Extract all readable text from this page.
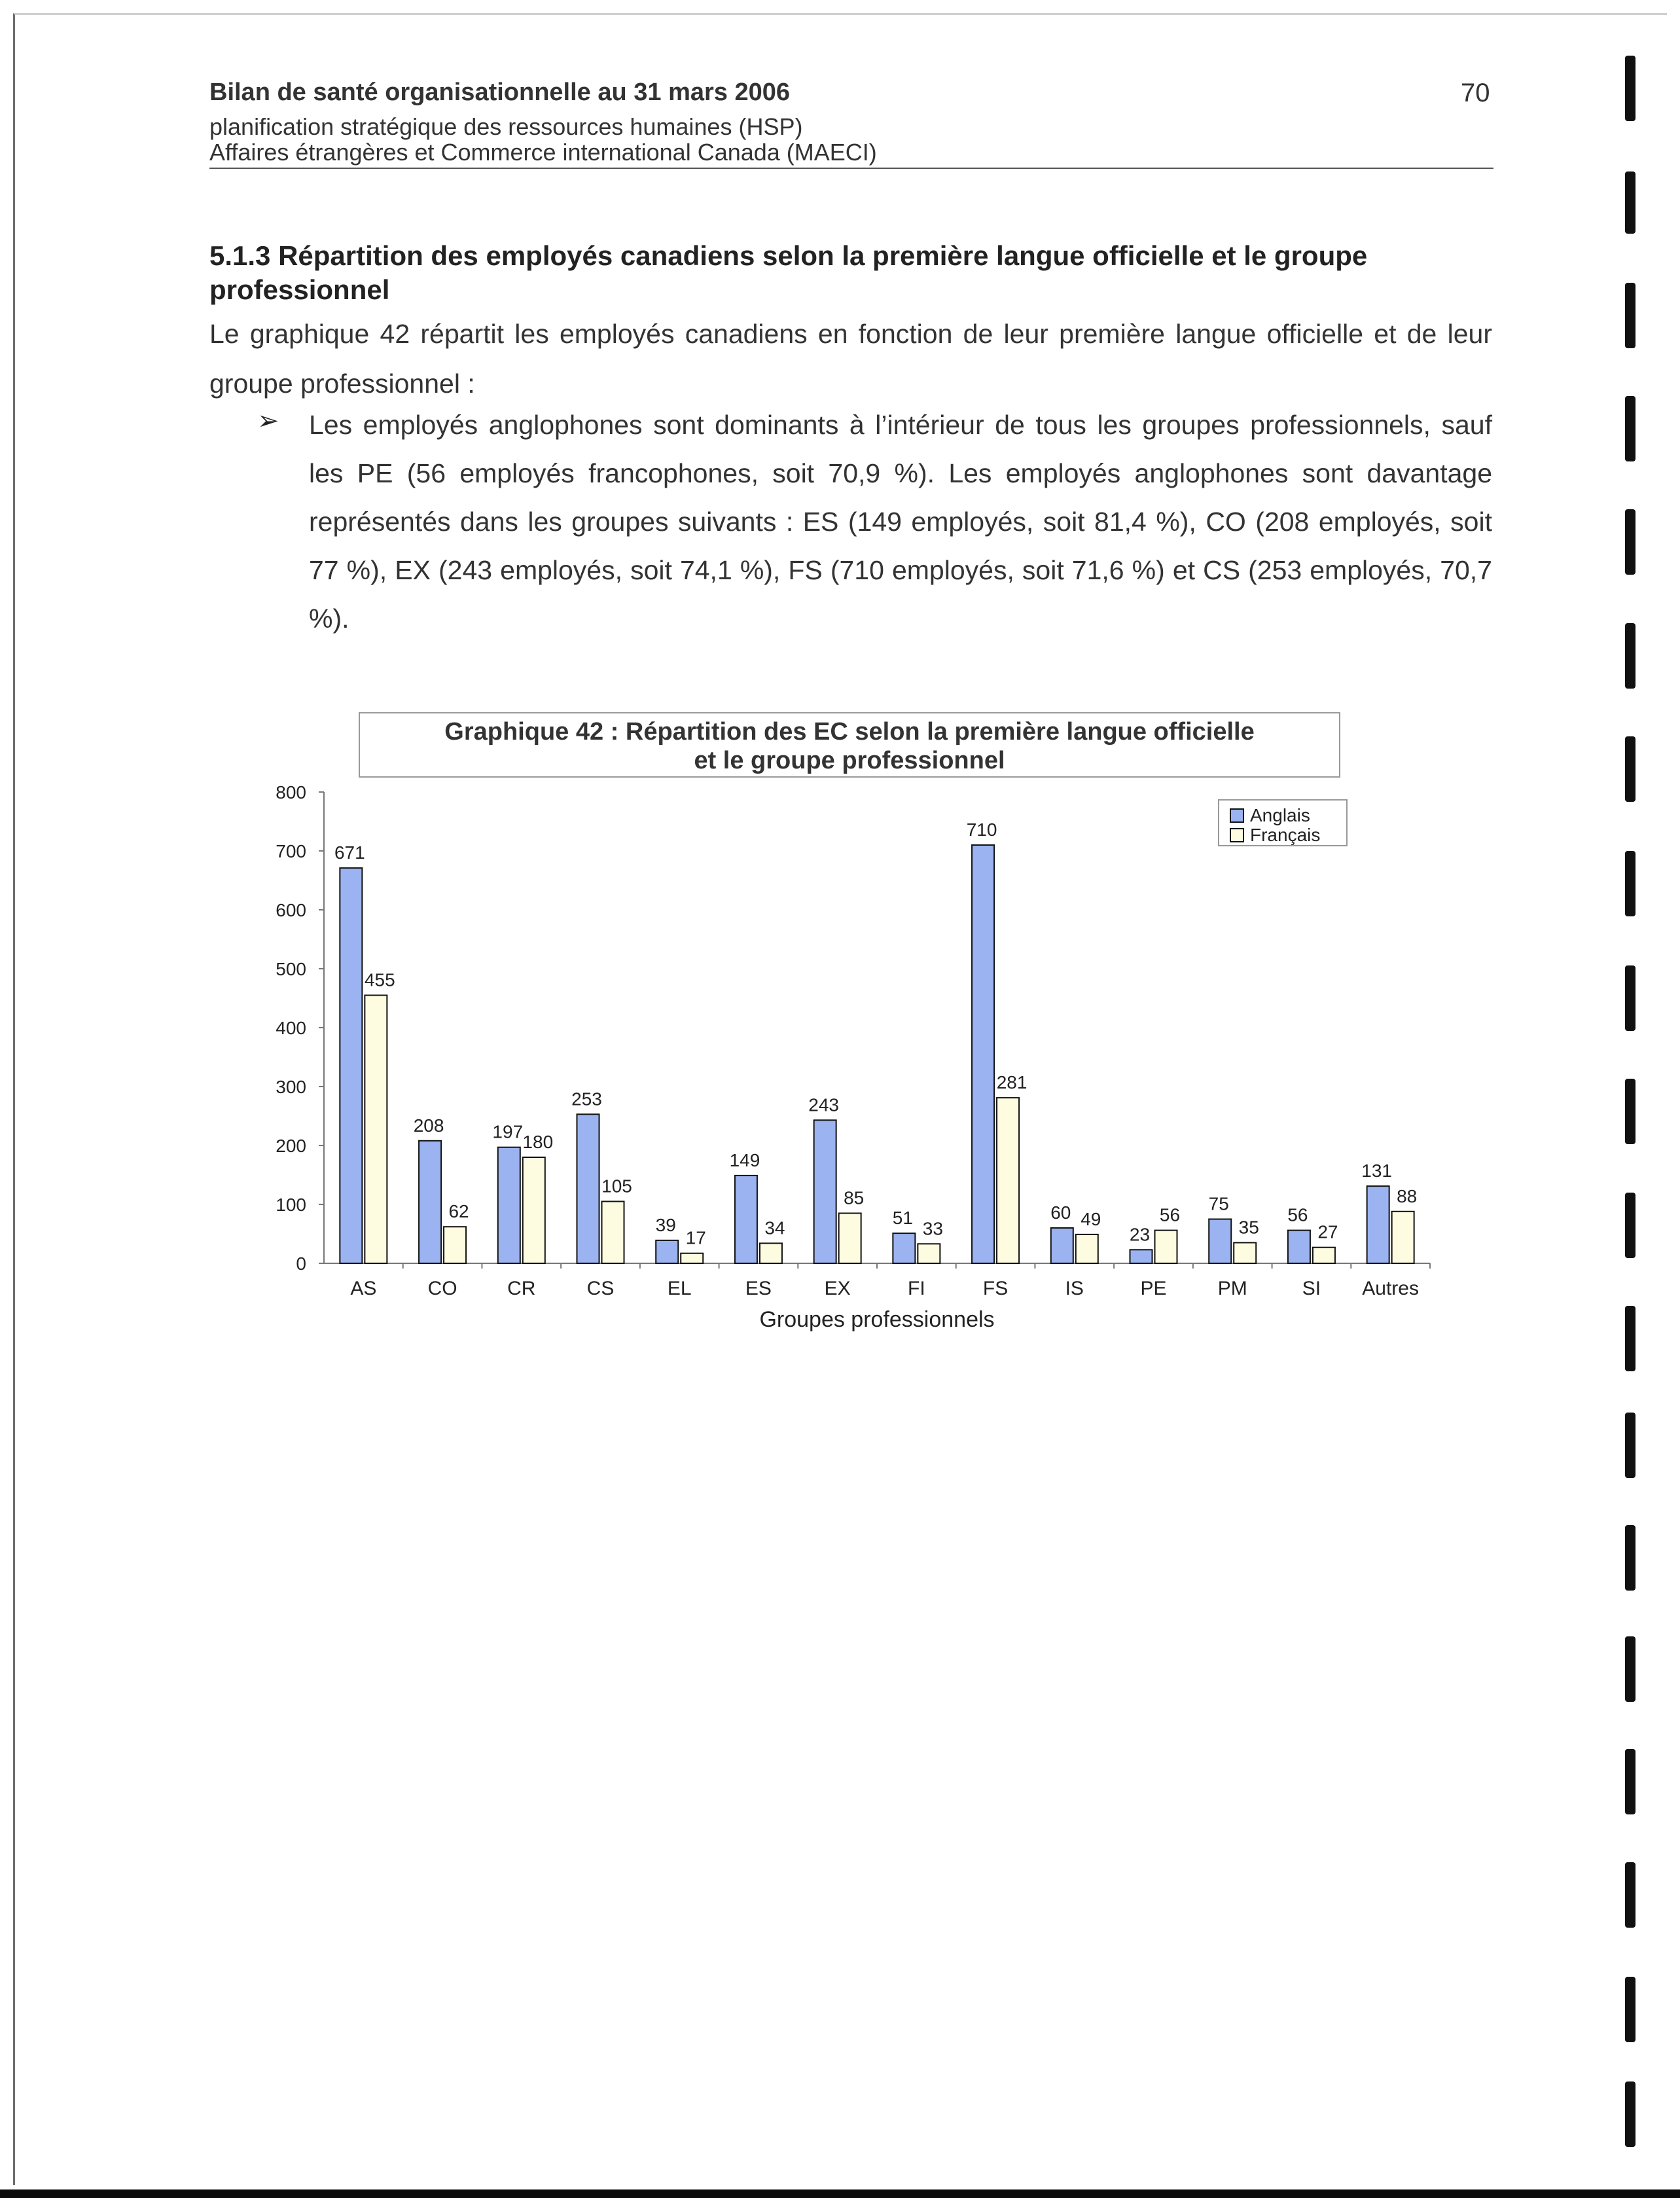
Bilan de santé organisationnelle au 31 mars 2006
planification stratégique des ressources humaines (HSP)
Affaires étrangères et Commerce international Canada (MAECI)
70
5.1.3 Répartition des employés canadiens selon la première langue officielle et le groupe professionnel
Le graphique 42 répartit les employés canadiens en fonction de leur première langue officielle et de leur groupe professionnel :
➢ Les employés anglophones sont dominants à l’intérieur de tous les groupes professionnels, sauf les PE (56 employés francophones, soit 70,9 %). Les employés anglophones sont davantage représentés dans les groupes suivants : ES (149 employés, soit 81,4 %), CO (208 employés, soit 77 %), EX (243 employés, soit 74,1 %), FS (710 employés, soit 71,6 %) et CS (253 employés, 70,7 %).
Graphique 42 : Répartition des EC selon la première langue officielle
et le groupe professionnel
0
100
200
300
400
500
600
700
800
671
455
AS
208
62
CO
197 180
CR
253
105
CS
39
17
EL
149
34
ES
243
85
EX
51
33
FI
710
281
FS
60 49
IS
23
56
PE
75
35
PM
56
27
SI
131
88
Autres
Groupes professionnels
Anglais
Français
